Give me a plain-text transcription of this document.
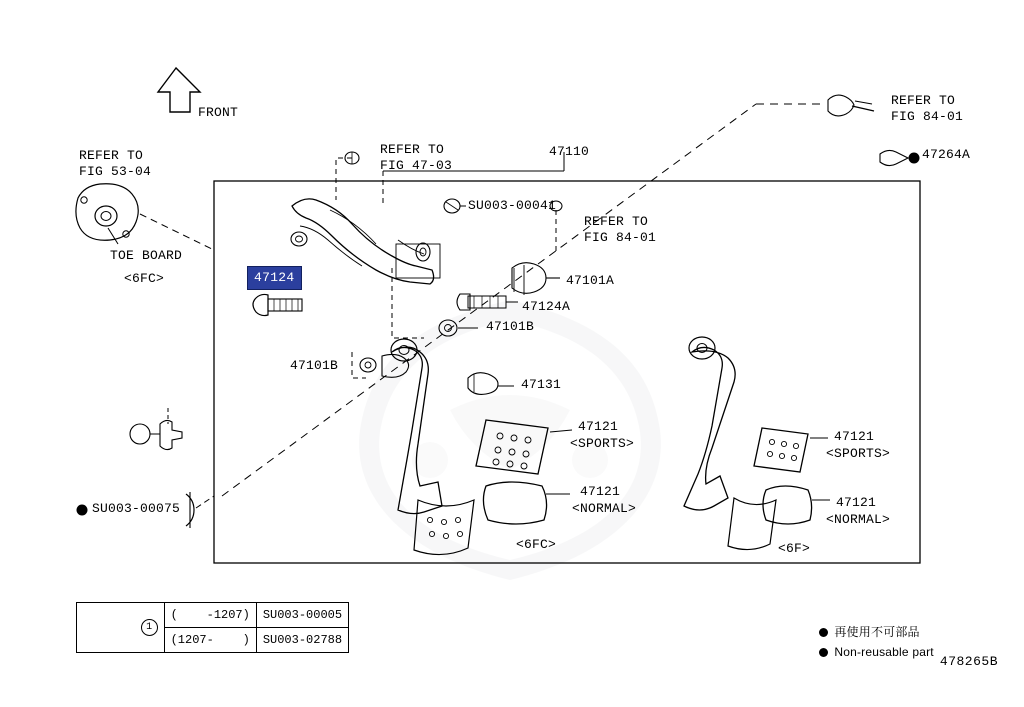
FRONT
REFER TO
FIG 53-04
TOE BOARD
<6FC>
REFER TO
FIG 47-03
47110
REFER TO
FIG 84-01
47264A
SU003-00041
REFER TO
FIG 84-01
47101A
47124A
47101B
47101B
47131
47121
<SPORTS>
47121
<NORMAL>
<6FC>
47121
<SPORTS>
47121
<NORMAL>
<6F>
SU003-00075
47124

1	(    -1207)	SU003-00005
	(1207-    )	SU003-02788

再使用不可部品

Non-reusable part

478265B
